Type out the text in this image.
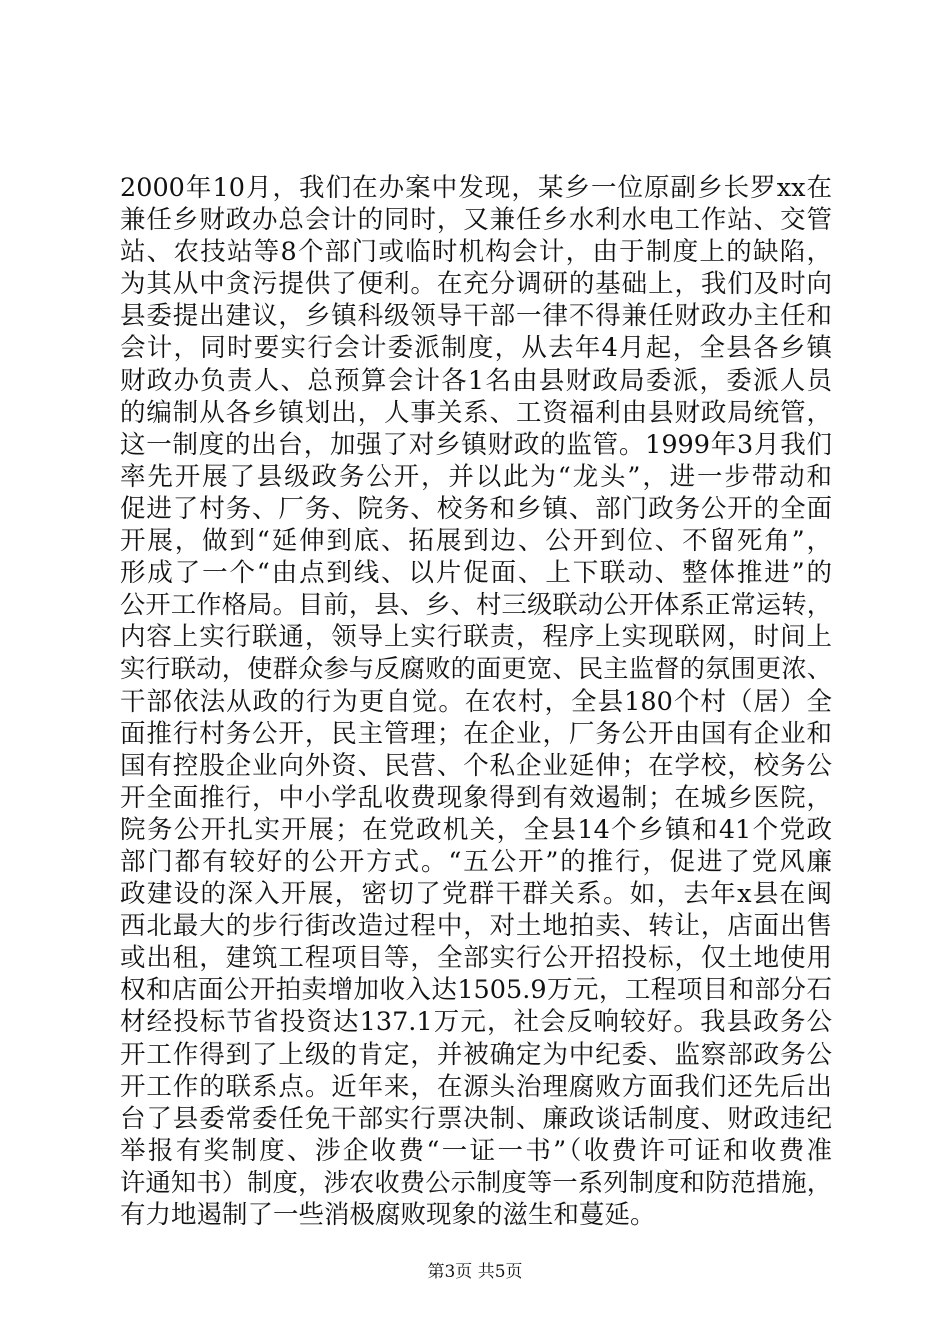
2000年10月，我们在办案中发现，某乡一位原副乡长罗xx在
兼任乡财政办总会计的同时，又兼任乡水利水电工作站、交管
站、农技站等8个部门或临时机构会计，由于制度上的缺陷，
为其从中贪污提供了便利。在充分调研的基础上，我们及时向
县委提出建议，乡镇科级领导干部一律不得兼任财政办主任和
会计，同时要实行会计委派制度，从去年4月起，全县各乡镇
财政办负责人、总预算会计各1名由县财政局委派，委派人员
的编制从各乡镇划出，人事关系、工资福利由县财政局统管，
这一制度的出台，加强了对乡镇财政的监管。1999年3月我们
率先开展了县级政务公开，并以此为“龙头”，进一步带动和
促进了村务、厂务、院务、校务和乡镇、部门政务公开的全面
开展，做到“延伸到底、拓展到边、公开到位、不留死角”，
形成了一个“由点到线、以片促面、上下联动、整体推进”的
公开工作格局。目前，县、乡、村三级联动公开体系正常运转，
内容上实行联通，领导上实行联责，程序上实现联网，时间上
实行联动，使群众参与反腐败的面更宽、民主监督的氛围更浓、
干部依法从政的行为更自觉。在农村，全县180个村（居）全
面推行村务公开，民主管理；在企业，厂务公开由国有企业和
国有控股企业向外资、民营、个私企业延伸；在学校，校务公
开全面推行，中小学乱收费现象得到有效遏制；在城乡医院，
院务公开扎实开展；在党政机关，全县14个乡镇和41个党政
部门都有较好的公开方式。“五公开”的推行，促进了党风廉
政建设的深入开展，密切了党群干群关系。如，去年x县在闽
西北最大的步行街改造过程中，对土地拍卖、转让，店面出售
或出租，建筑工程项目等，全部实行公开招投标，仅土地使用
权和店面公开拍卖增加收入达1505.9万元，工程项目和部分石
材经投标节省投资达137.1万元，社会反响较好。我县政务公
开工作得到了上级的肯定，并被确定为中纪委、监察部政务公
开工作的联系点。近年来，在源头治理腐败方面我们还先后出
台了县委常委任免干部实行票决制、廉政谈话制度、财政违纪
举报有奖制度、涉企收费“一证一书”（收费许可证和收费准
许通知书）制度，涉农收费公示制度等一系列制度和防范措施，
有力地遏制了一些消极腐败现象的滋生和蔓延。
第3页 共5页
